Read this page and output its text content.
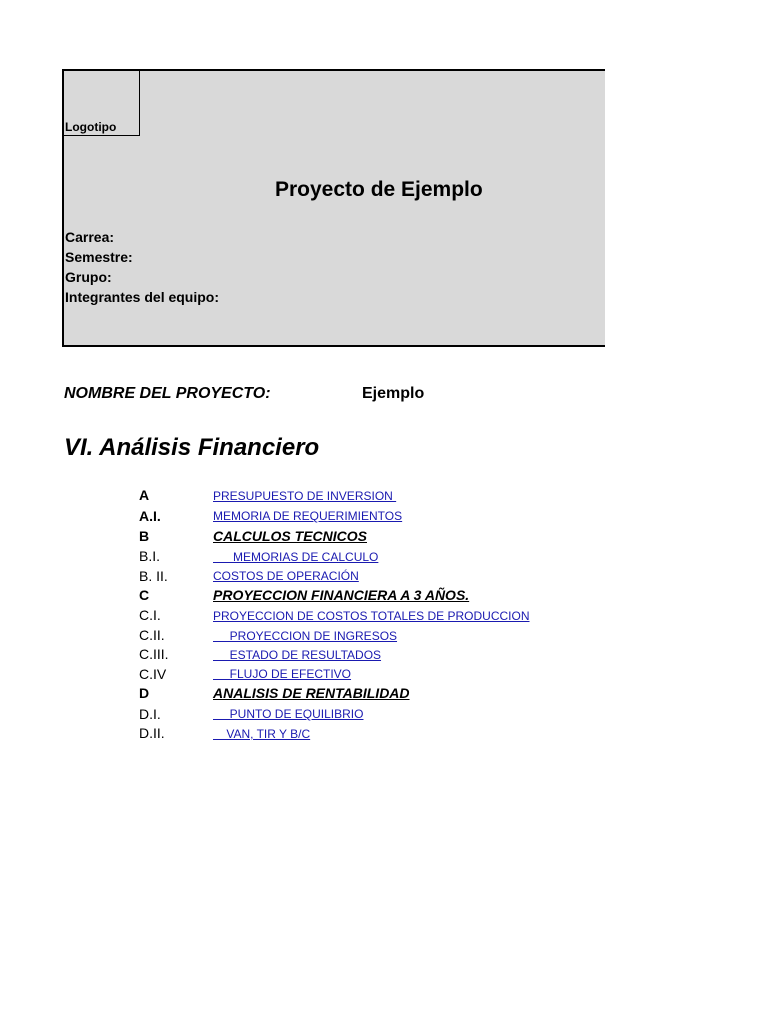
Logotipo
Proyecto de Ejemplo
Carrea:
Semestre:
Grupo:
Integrantes del equipo:
NOMBRE DEL PROYECTO:	Ejemplo
VI. Análisis Financiero
A	PRESUPUESTO DE INVERSION
A.I.	MEMORIA DE REQUERIMIENTOS
B	CALCULOS TECNICOS
B.I.	MEMORIAS DE CALCULO
B. II.	COSTOS DE OPERACIÓN
C	PROYECCION FINANCIERA A 3 AÑOS.
C.I.	PROYECCION DE COSTOS TOTALES DE PRODUCCION
C.II.	PROYECCION DE INGRESOS
C.III.	ESTADO DE RESULTADOS
C.IV	FLUJO DE EFECTIVO
D	ANALISIS DE RENTABILIDAD
D.I.	PUNTO DE EQUILIBRIO
D.II.	VAN, TIR Y B/C
